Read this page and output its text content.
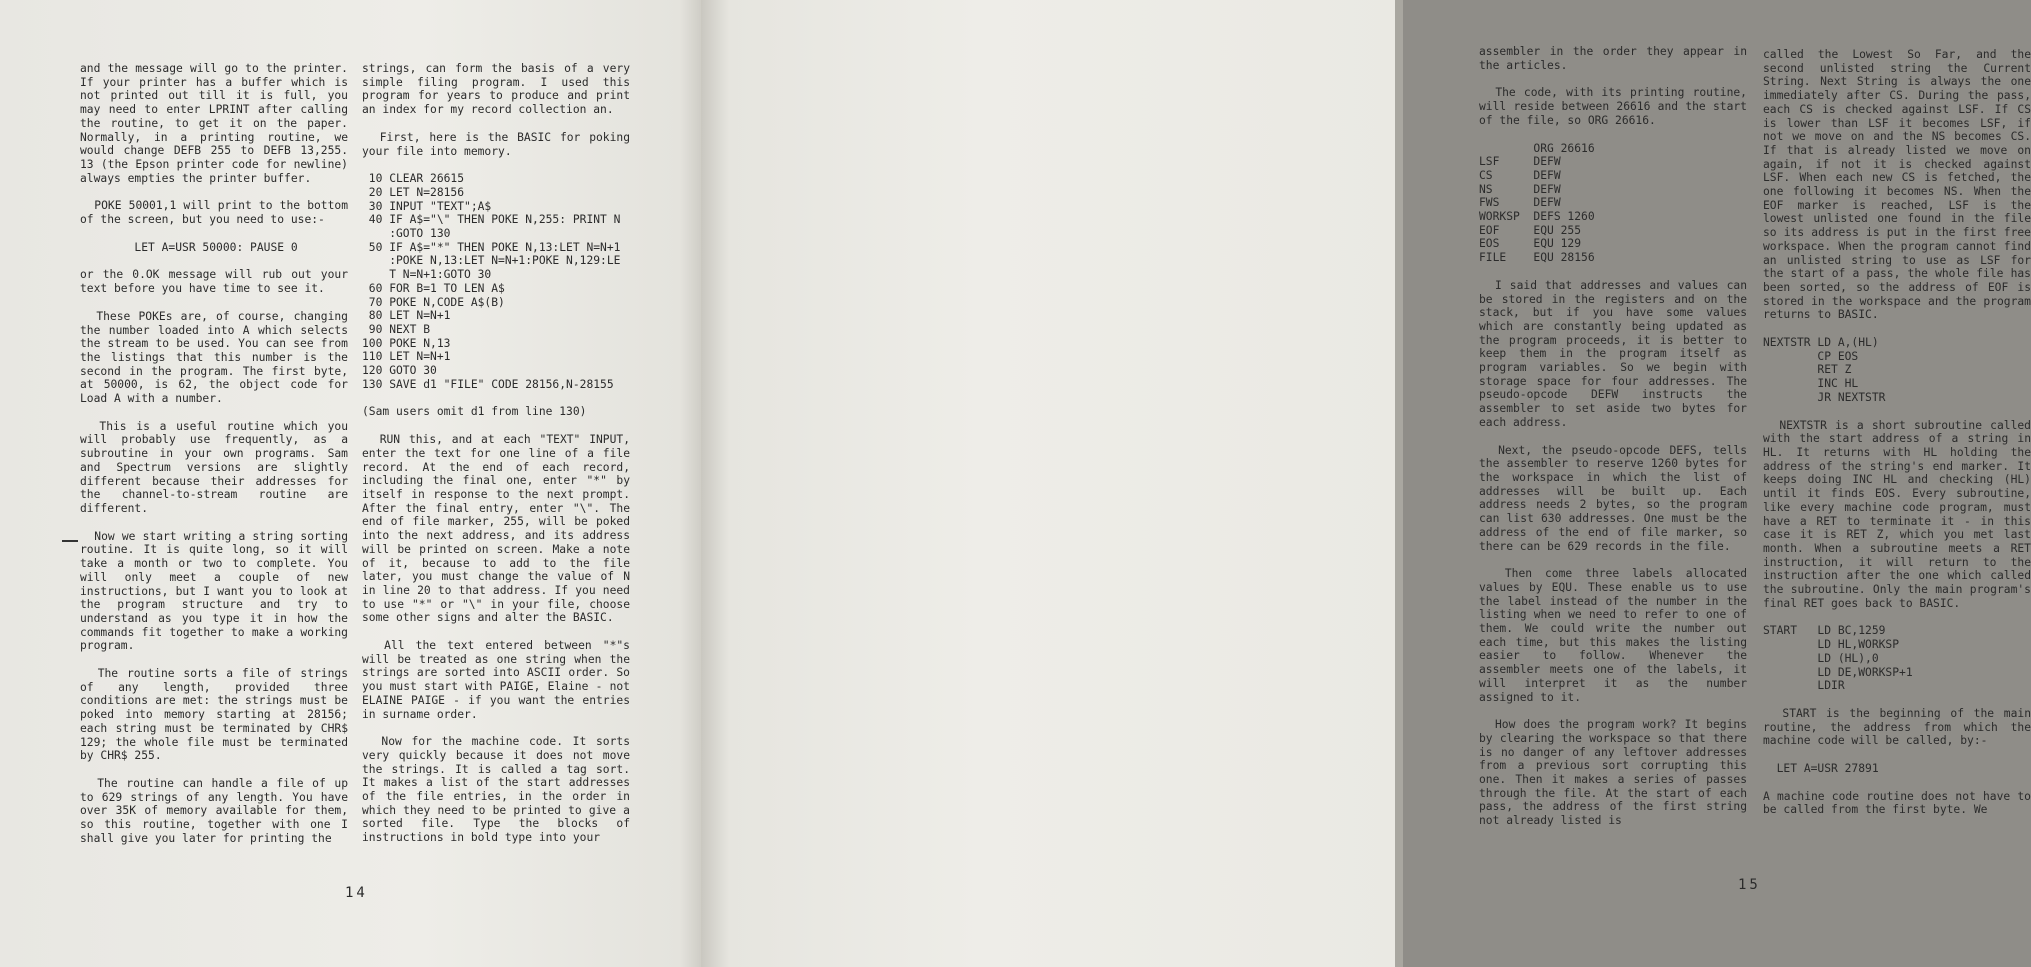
and the message will go to the printer. If your printer has a buffer which is not printed out till it is full, you may need to enter LPRINT after calling the routine, to get it on the paper. Normally, in a printing routine, we would change DEFB 255 to DEFB 13,255. 13 (the Epson printer code for newline) always empties the printer buffer.

POKE 50001,1 will print to the bottom of the screen, but you need to use:-

LET A=USR 50000: PAUSE 0

or the 0.OK message will rub out your text before you have time to see it.

These POKEs are, of course, changing the number loaded into A which selects the stream to be used. You can see from the listings that this number is the second in the program. The first byte, at 50000, is 62, the object code for Load A with a number.

This is a useful routine which you will probably use frequently, as a subroutine in your own programs. Sam and Spectrum versions are slightly different because their addresses for the channel-to-stream routine are different.

Now we start writing a string sorting routine. It is quite long, so it will take a month or two to complete. You will only meet a couple of new instructions, but I want you to look at the program structure and try to understand as you type it in how the commands fit together to make a working program.

The routine sorts a file of strings of any length, provided three conditions are met: the strings must be poked into memory starting at 28156; each string must be terminated by CHR$ 129; the whole file must be terminated by CHR$ 255.

The routine can handle a file of up to 629 strings of any length. You have over 35K of memory available for them, so this routine, together with one I shall give you later for printing the

strings, can form the basis of a very simple filing program. I used this program for years to produce and print an index for my record collection an.

First, here is the BASIC for poking your file into memory.

10 CLEAR 26615
20 LET N=28156
30 INPUT "TEXT";A$
40 IF A$="\" THEN POKE N,255: PRINT N
:GOTO 130
50 IF A$="*" THEN POKE N,13:LET N=N+1
:POKE N,13:LET N=N+1:POKE N,129:LE
T N=N+1:GOTO 30
60 FOR B=1 TO LEN A$
70 POKE N,CODE A$(B)
80 LET N=N+1
90 NEXT B
100 POKE N,13
110 LET N=N+1
120 GOTO 30
130 SAVE d1 "FILE" CODE 28156,N-28155

(Sam users omit d1 from line 130)

RUN this, and at each "TEXT" INPUT, enter the text for one line of a file record. At the end of each record, including the final one, enter "*" by itself in response to the next prompt. After the final entry, enter "\". The end of file marker, 255, will be poked into the next address, and its address will be printed on screen. Make a note of it, because to add to the file later, you must change the value of N in line 20 to that address. If you need to use "*" or "\" in your file, choose some other signs and alter the BASIC.

All the text entered between "*"s will be treated as one string when the strings are sorted into ASCII order. So you must start with PAIGE, Elaine - not ELAINE PAIGE - if you want the entries in surname order.

Now for the machine code. It sorts very quickly because it does not move the strings. It is called a tag sort. It makes a list of the start addresses of the file entries, in the order in which they need to be printed to give a sorted file. Type the blocks of instructions in bold type into your

14

assembler in the order they appear in the articles.

The code, with its printing routine, will reside between 26616 and the start of the file, so ORG 26616.

ORG 26616
LSF     DEFW
CS      DEFW
NS      DEFW
FWS     DEFW
WORKSP  DEFS 1260
EOF     EQU 255
EOS     EQU 129
FILE    EQU 28156

I said that addresses and values can be stored in the registers and on the stack, but if you have some values which are constantly being updated as the program proceeds, it is better to keep them in the program itself as program variables. So we begin with storage space for four addresses. The pseudo-opcode DEFW instructs the assembler to set aside two bytes for each address.

Next, the pseudo-opcode DEFS, tells the assembler to reserve 1260 bytes for the workspace in which the list of addresses will be built up. Each address needs 2 bytes, so the program can list 630 addresses. One must be the address of the end of file marker, so there can be 629 records in the file.

Then come three labels allocated values by EQU. These enable us to use the label instead of the number in the listing when we need to refer to one of them. We could write the number out each time, but this makes the listing easier to follow. Whenever the assembler meets one of the labels, it will interpret it as the number assigned to it.

How does the program work? It begins by clearing the workspace so that there is no danger of any leftover addresses from a previous sort corrupting this one. Then it makes a series of passes through the file. At the start of each pass, the address of the first string not already listed is

called the Lowest So Far, and the second unlisted string the Current String. Next String is always the one immediately after CS. During the pass, each CS is checked against LSF. If CS is lower than LSF it becomes LSF, if not we move on and the NS becomes CS. If that is already listed we move on again, if not it is checked against LSF. When each new CS is fetched, the one following it becomes NS. When the EOF marker is reached, LSF is the lowest unlisted one found in the file so its address is put in the first free workspace. When the program cannot find an unlisted string to use as LSF for the start of a pass, the whole file has been sorted, so the address of EOF is stored in the workspace and the program returns to BASIC.

NEXTSTR LD A,(HL)
CP EOS
RET Z
INC HL
JR NEXTSTR

NEXTSTR is a short subroutine called with the start address of a string in HL. It returns with HL holding the address of the string's end marker. It keeps doing INC HL and checking (HL) until it finds EOS. Every subroutine, like every machine code program, must have a RET to terminate it - in this case it is RET Z, which you met last month. When a subroutine meets a RET instruction, it will return to the instruction after the one which called the subroutine. Only the main program's final RET goes back to BASIC.

START   LD BC,1259
LD HL,WORKSP
LD (HL),0
LD DE,WORKSP+1
LDIR

START is the beginning of the main routine, the address from which the machine code will be called, by:-

LET A=USR 27891

A machine code routine does not have to be called from the first byte. We

15
